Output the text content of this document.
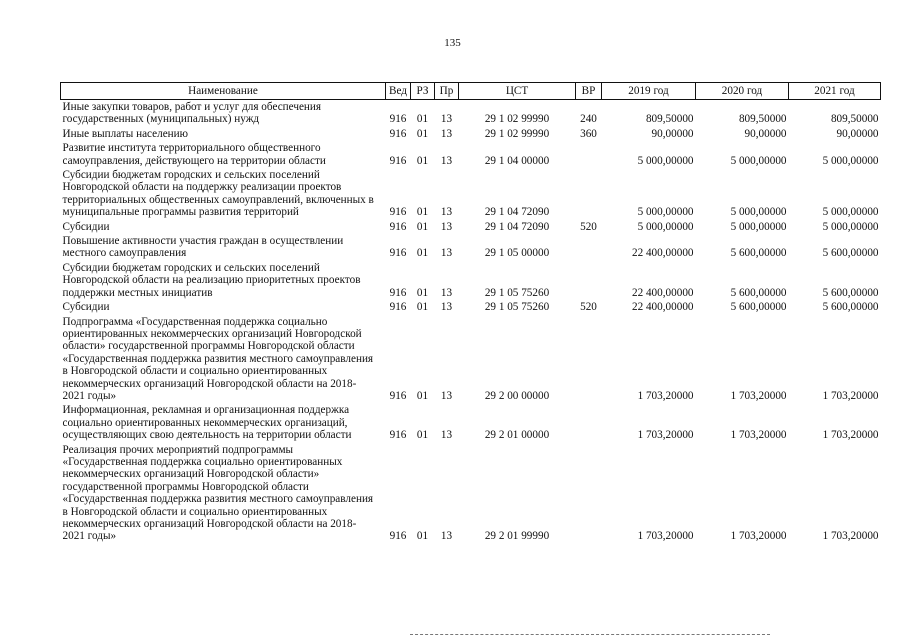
135
Наименование	Вед	РЗ	Пр	ЦСТ	ВР	2019 год	2020 год	2021 год
Иные закупки товаров, работ и услуг для обеспечения государственных (муниципальных) нужд	916	01	13	29 1 02 99990	240	809,50000	809,50000	809,50000
Иные выплаты населению	916	01	13	29 1 02 99990	360	90,00000	90,00000	90,00000
Развитие института территориального общественного самоуправления, действующего на территории области	916	01	13	29 1 04 00000		5 000,00000	5 000,00000	5 000,00000
Субсидии бюджетам городских и сельских поселений Новгородской области на поддержку реализации проектов территориальных общественных самоуправлений, включенных в муниципальные программы развития территорий	916	01	13	29 1 04 72090		5 000,00000	5 000,00000	5 000,00000
Субсидии	916	01	13	29 1 04 72090	520	5 000,00000	5 000,00000	5 000,00000
Повышение активности участия граждан в осуществлении местного самоуправления	916	01	13	29 1 05 00000		22 400,00000	5 600,00000	5 600,00000
Субсидии бюджетам городских и сельских поселений Новгородской области на реализацию приоритетных проектов поддержки местных инициатив	916	01	13	29 1 05 75260		22 400,00000	5 600,00000	5 600,00000
Субсидии	916	01	13	29 1 05 75260	520	22 400,00000	5 600,00000	5 600,00000
Подпрограмма «Государственная поддержка социально ориентированных некоммерческих организаций Новгородской области» государственной программы Новгородской области «Государственная поддержка развития местного самоуправления в Новгородской области и социально ориентированных некоммерческих организаций Новгородской области на 2018-2021 годы»	916	01	13	29 2 00 00000		1 703,20000	1 703,20000	1 703,20000
Информационная, рекламная и организационная поддержка социально ориентированных некоммерческих организаций, осуществляющих свою деятельность на территории области	916	01	13	29 2 01 00000		1 703,20000	1 703,20000	1 703,20000
Реализация прочих мероприятий подпрограммы «Государственная поддержка социально ориентированных некоммерческих организаций Новгородской области» государственной программы Новгородской области «Государственная поддержка развития местного самоуправления в Новгородской области и социально ориентированных некоммерческих организаций Новгородской области на 2018-2021 годы»	916	01	13	29 2 01 99990		1 703,20000	1 703,20000	1 703,20000
